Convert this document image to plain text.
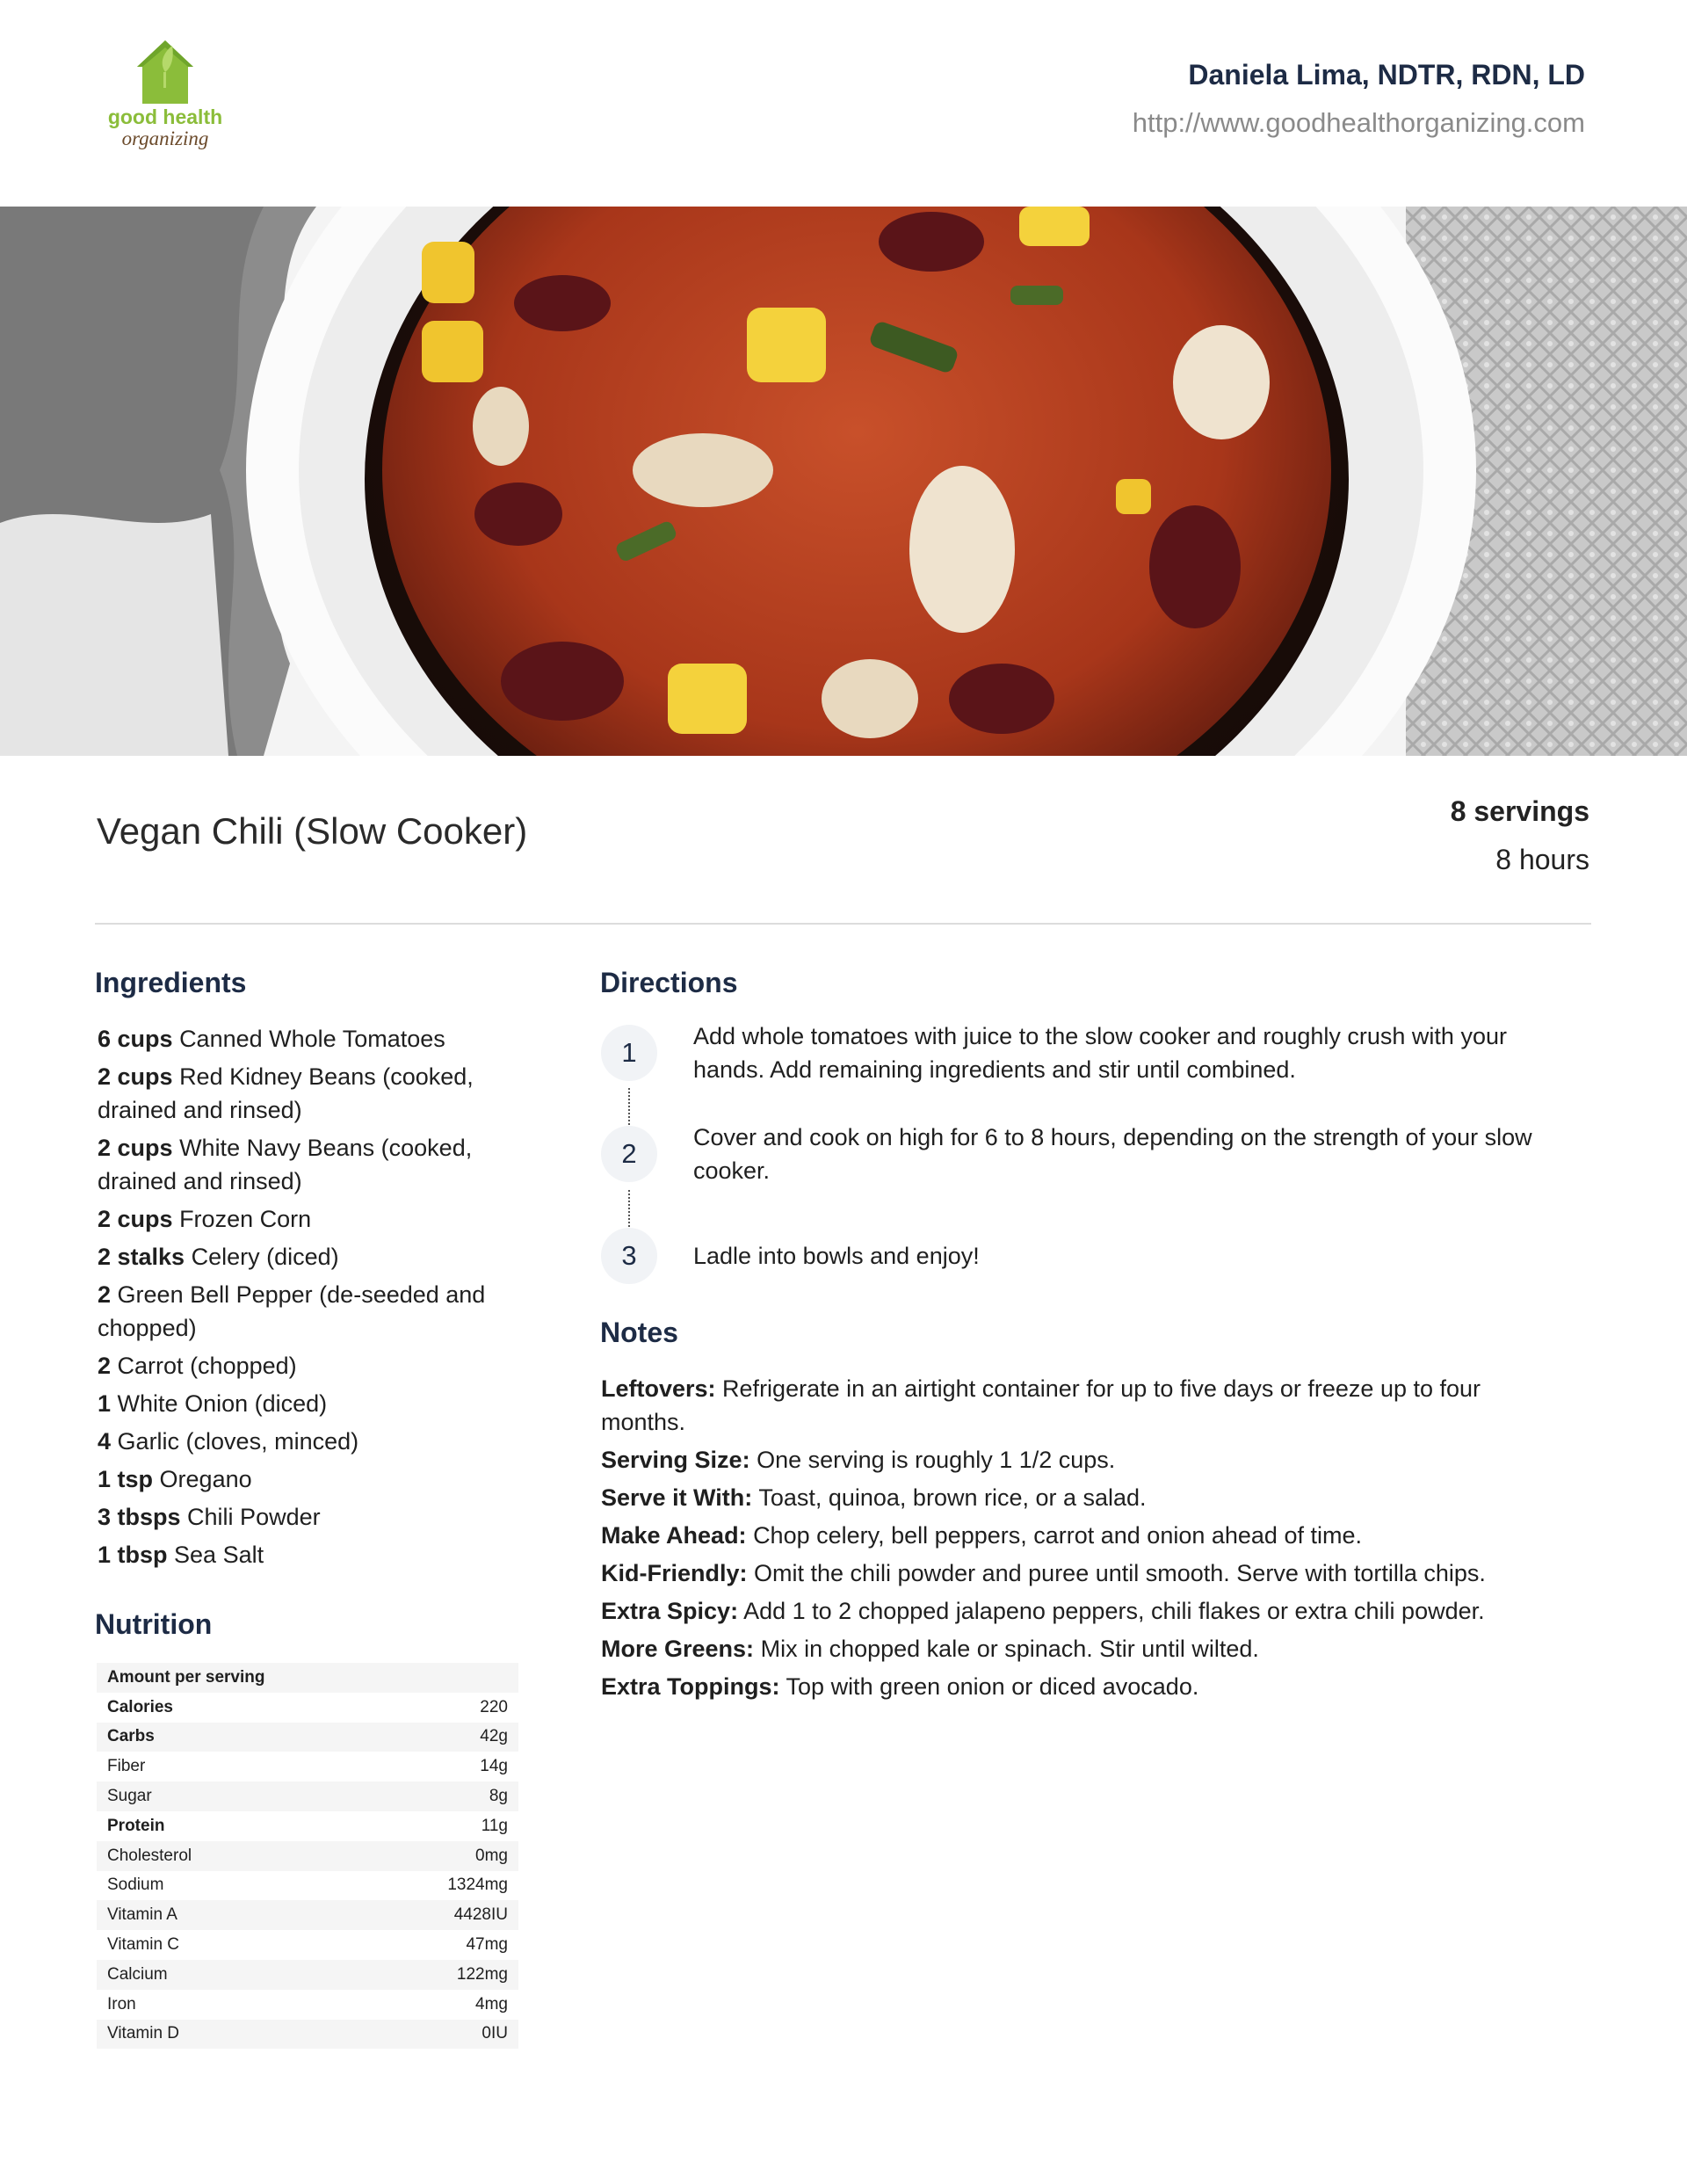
good health
organizing
Daniela Lima, NDTR, RDN, LD
http://www.goodhealthorganizing.com
Vegan Chili (Slow Cooker)	8 servings
8 hours
Ingredients
6 cups Canned Whole Tomatoes
2 cups Red Kidney Beans (cooked, drained and rinsed)
2 cups White Navy Beans (cooked, drained and rinsed)
2 cups Frozen Corn
2 stalks Celery (diced)
2 Green Bell Pepper (de-seeded and chopped)
2 Carrot (chopped)
1 White Onion (diced)
4 Garlic (cloves, minced)
1 tsp Oregano
3 tbsps Chili Powder
1 tbsp Sea Salt
Nutrition
Amount per serving	
Calories	220
Carbs	42g
Fiber	14g
Sugar	8g
Protein	11g
Cholesterol	0mg
Sodium	1324mg
Vitamin A	4428IU
Vitamin C	47mg
Calcium	122mg
Iron	4mg
Vitamin D	0IU
Directions
1
Add whole tomatoes with juice to the slow cooker and roughly crush with your hands. Add remaining ingredients and stir until combined.
2
Cover and cook on high for 6 to 8 hours, depending on the strength of your slow cooker.
3	Ladle into bowls and enjoy!
Notes
Leftovers: Refrigerate in an airtight container for up to five days or freeze up to four months.
Serving Size: One serving is roughly 1 1/2 cups.
Serve it With: Toast, quinoa, brown rice, or a salad.
Make Ahead: Chop celery, bell peppers, carrot and onion ahead of time.
Kid-Friendly: Omit the chili powder and puree until smooth. Serve with tortilla chips.
Extra Spicy: Add 1 to 2 chopped jalapeno peppers, chili flakes or extra chili powder.
More Greens: Mix in chopped kale or spinach. Stir until wilted.
Extra Toppings: Top with green onion or diced avocado.
